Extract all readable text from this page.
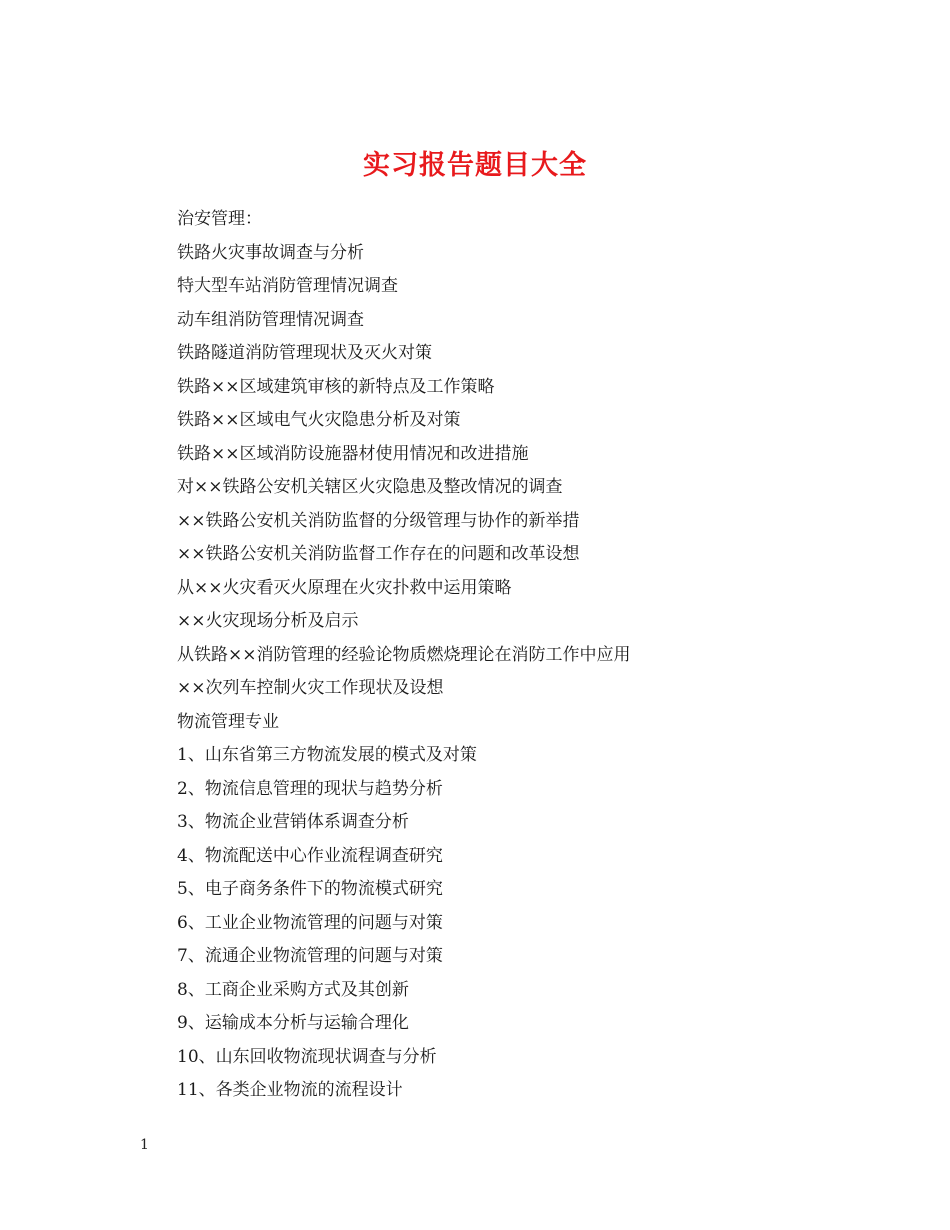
实习报告题目大全
治安管理：
铁路火灾事故调查与分析
特大型车站消防管理情况调查
动车组消防管理情况调查
铁路隧道消防管理现状及灭火对策
铁路××区域建筑审核的新特点及工作策略
铁路××区域电气火灾隐患分析及对策
铁路××区域消防设施器材使用情况和改进措施
对××铁路公安机关辖区火灾隐患及整改情况的调查
××铁路公安机关消防监督的分级管理与协作的新举措
××铁路公安机关消防监督工作存在的问题和改革设想
从××火灾看灭火原理在火灾扑救中运用策略
××火灾现场分析及启示
从铁路××消防管理的经验论物质燃烧理论在消防工作中应用
××次列车控制火灾工作现状及设想
物流管理专业
1、山东省第三方物流发展的模式及对策
2、物流信息管理的现状与趋势分析
3、物流企业营销体系调查分析
4、物流配送中心作业流程调查研究
5、电子商务条件下的物流模式研究
6、工业企业物流管理的问题与对策
7、流通企业物流管理的问题与对策
8、工商企业采购方式及其创新
9、运输成本分析与运输合理化
10、山东回收物流现状调查与分析
11、各类企业物流的流程设计
1
